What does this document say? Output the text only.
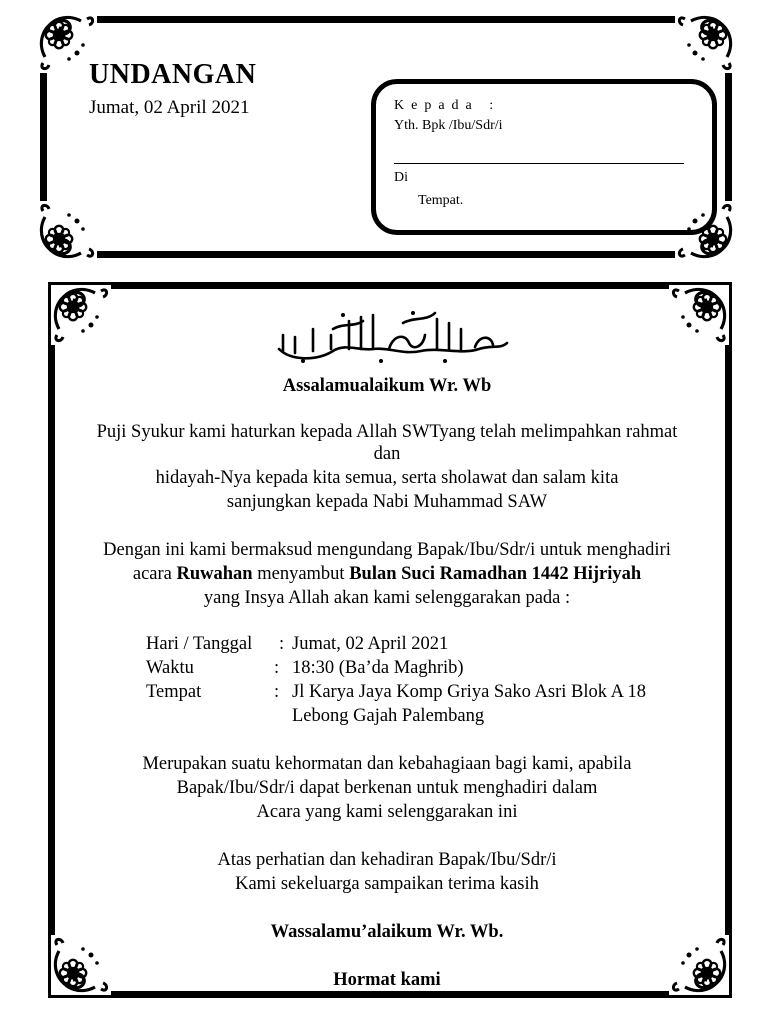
UNDANGAN
Jumat, 02 April 2021	Kepada :
Yth. Bpk /Ibu/Sdr/i
Di
Tempat.
Assalamualaikum Wr. Wb
Puji Syukur kami haturkan kepada Allah SWTyang telah melimpahkan rahmat
dan
hidayah-Nya kepada kita semua, serta sholawat dan salam kita
sanjungkan kepada Nabi Muhammad SAW
Dengan ini kami bermaksud mengundang Bapak/Ibu/Sdr/i untuk menghadiri
acara Ruwahan menyambut Bulan Suci Ramadhan 1442 Hijriyah
yang Insya Allah akan kami selenggarakan pada :
Hari / Tanggal : Jumat, 02 April 2021
Waktu	: 18:30 (Ba’da Maghrib)
Tempat	: Jl Karya Jaya Komp Griya Sako Asri Blok A 18
Lebong Gajah Palembang
Merupakan suatu kehormatan dan kebahagiaan bagi kami, apabila
Bapak/Ibu/Sdr/i dapat berkenan untuk menghadiri dalam
Acara yang kami selenggarakan ini
Atas perhatian dan kehadiran Bapak/Ibu/Sdr/i
Kami sekeluarga sampaikan terima kasih
Wassalamu’alaikum Wr. Wb.
Hormat kami
